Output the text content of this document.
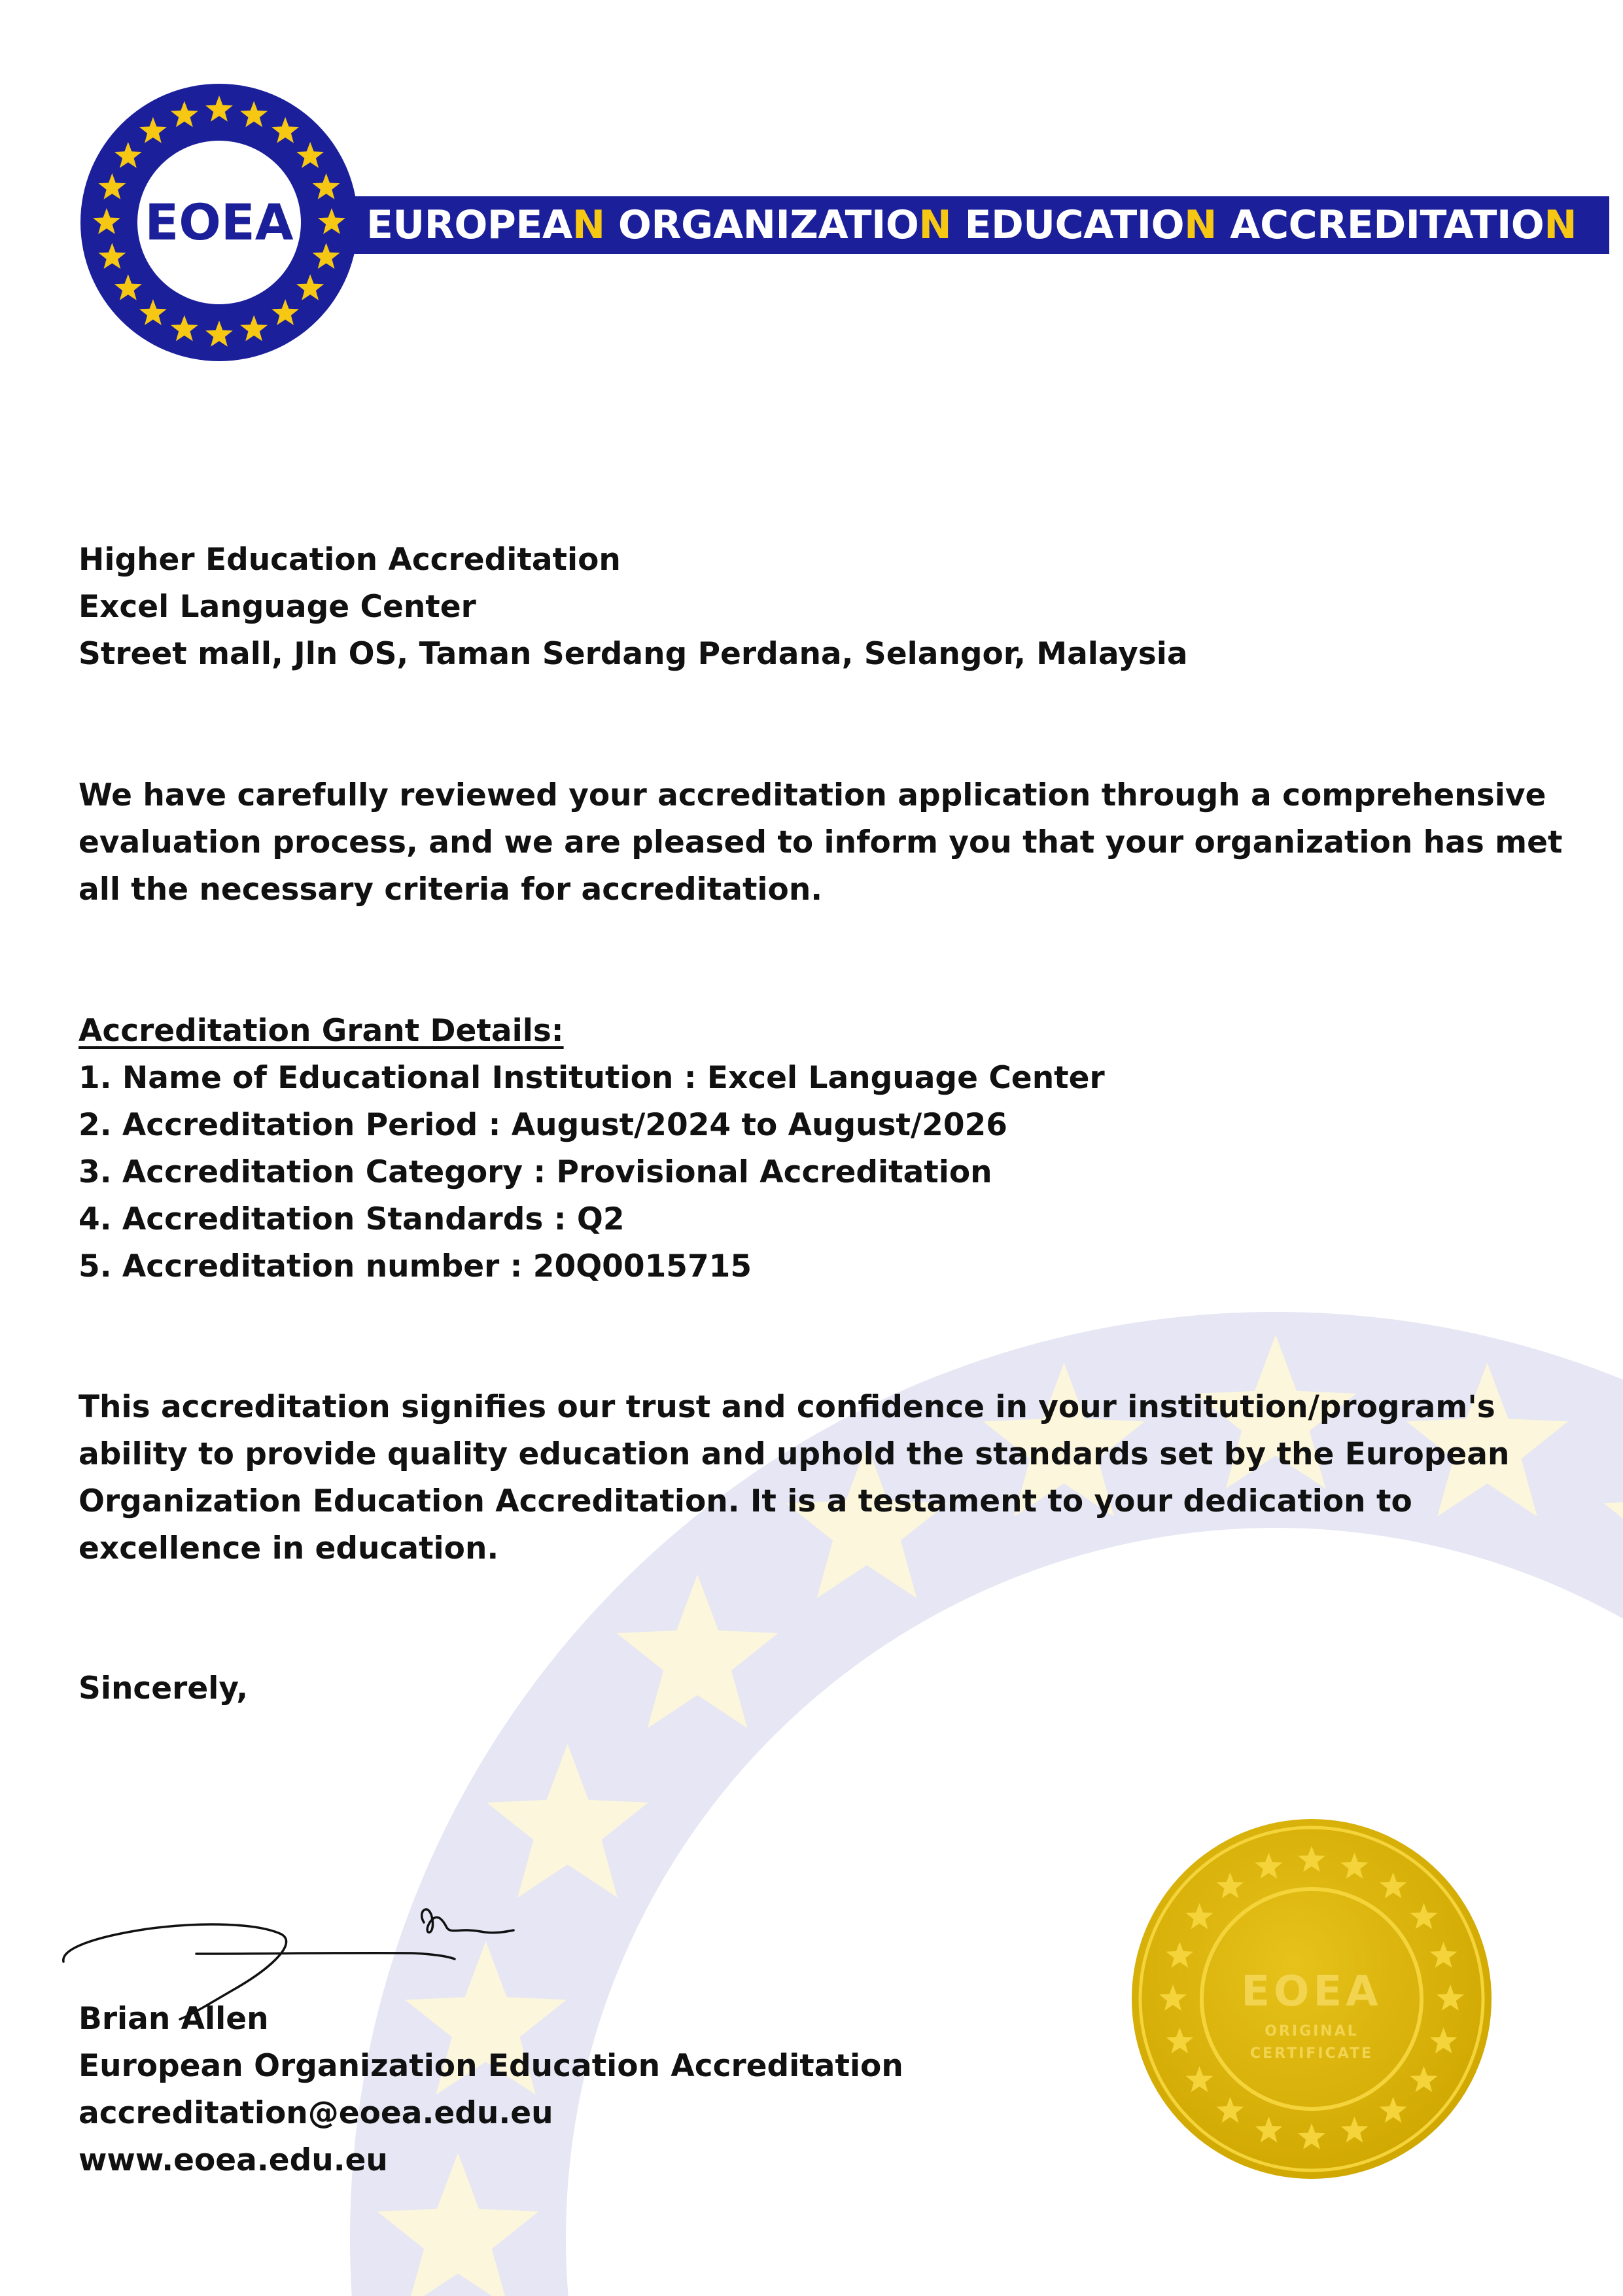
EOEA EUROPEAN ORGANIZATION EDUCATION ACCREDITATION
Higher Education Accreditation
Excel Language Center
Street mall, Jln OS, Taman Serdang Perdana, Selangor, Malaysia
We have carefully reviewed your accreditation application through a comprehensive
evaluation process, and we are pleased to inform you that your organization has met
all the necessary criteria for accreditation.
Accreditation Grant Details:
1. Name of Educational Institution : Excel Language Center
2. Accreditation Period : August/2024 to August/2026
3. Accreditation Category : Provisional Accreditation
4. Accreditation Standards : Q2
5. Accreditation number : 20Q0015715
This accreditation signifies our trust and confidence in your institution/program's
ability to provide quality education and uphold the standards set by the European
Organization Education Accreditation. It is a testament to your dedication to
excellence in education.
Sincerely,
Brian Allen
European Organization Education Accreditation
accreditation@eoea.edu.eu
www.eoea.edu.eu
EOEA
ORIGINAL
CERTIFICATE
